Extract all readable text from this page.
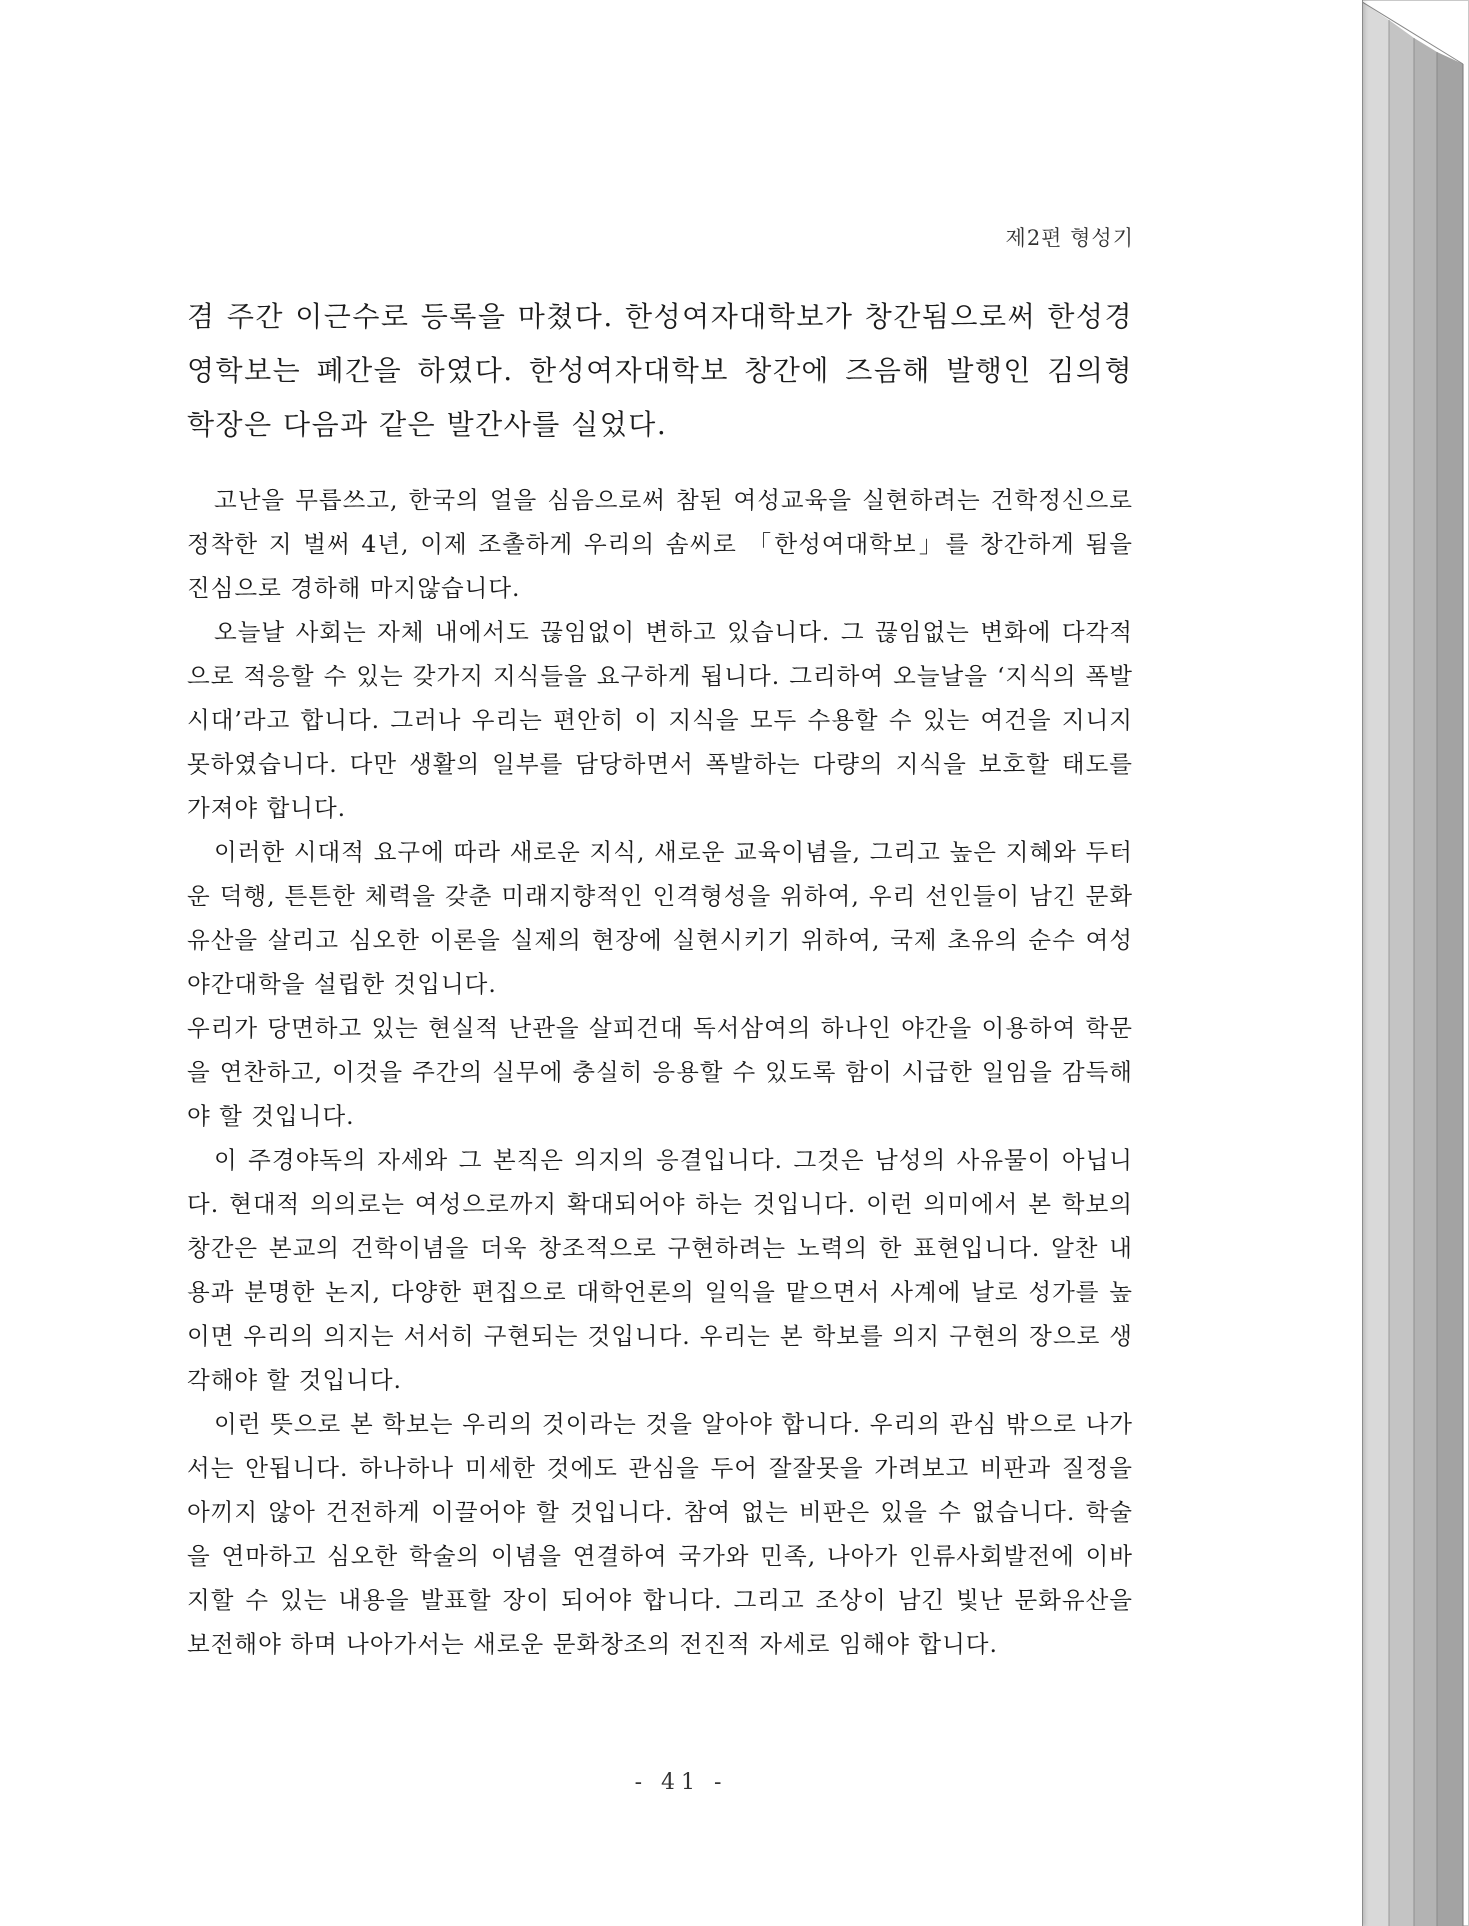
제2편 형성기

겸 주간 이근수로 등록을 마쳤다. 한성여자대학보가 창간됨으로써 한성경영학보는 폐간을 하였다. 한성여자대학보 창간에 즈음해 발행인 김의형 학장은 다음과 같은 발간사를 실었다.

고난을 무릅쓰고, 한국의 얼을 심음으로써 참된 여성교육을 실현하려는 건학정신으로 정착한 지 벌써 4년, 이제 조촐하게 우리의 솜씨로 「한성여대학보」를 창간하게 됨을 진심으로 경하해 마지않습니다.

오늘날 사회는 자체 내에서도 끊임없이 변하고 있습니다. 그 끊임없는 변화에 다각적으로 적응할 수 있는 갖가지 지식들을 요구하게 됩니다. 그리하여 오늘날을 ‘지식의 폭발시대’라고 합니다. 그러나 우리는 편안히 이 지식을 모두 수용할 수 있는 여건을 지니지 못하였습니다. 다만 생활의 일부를 담당하면서 폭발하는 다량의 지식을 보호할 태도를 가져야 합니다.

이러한 시대적 요구에 따라 새로운 지식, 새로운 교육이념을, 그리고 높은 지혜와 두터운 덕행, 튼튼한 체력을 갖춘 미래지향적인 인격형성을 위하여, 우리 선인들이 남긴 문화유산을 살리고 심오한 이론을 실제의 현장에 실현시키기 위하여, 국제 초유의 순수 여성야간대학을 설립한 것입니다.

우리가 당면하고 있는 현실적 난관을 살피건대 독서삼여의 하나인 야간을 이용하여 학문을 연찬하고, 이것을 주간의 실무에 충실히 응용할 수 있도록 함이 시급한 일임을 감득해야 할 것입니다.

이 주경야독의 자세와 그 본직은 의지의 응결입니다. 그것은 남성의 사유물이 아닙니다. 현대적 의의로는 여성으로까지 확대되어야 하는 것입니다. 이런 의미에서 본 학보의 창간은 본교의 건학이념을 더욱 창조적으로 구현하려는 노력의 한 표현입니다. 알찬 내용과 분명한 논지, 다양한 편집으로 대학언론의 일익을 맡으면서 사계에 날로 성가를 높이면 우리의 의지는 서서히 구현되는 것입니다. 우리는 본 학보를 의지 구현의 장으로 생각해야 할 것입니다.

이런 뜻으로 본 학보는 우리의 것이라는 것을 알아야 합니다. 우리의 관심 밖으로 나가서는 안됩니다. 하나하나 미세한 것에도 관심을 두어 잘잘못을 가려보고 비판과 질정을 아끼지 않아 건전하게 이끌어야 할 것입니다. 참여 없는 비판은 있을 수 없습니다. 학술을 연마하고 심오한 학술의 이념을 연결하여 국가와 민족, 나아가 인류사회발전에 이바지할 수 있는 내용을 발표할 장이 되어야 합니다. 그리고 조상이 남긴 빛난 문화유산을 보전해야 하며 나아가서는 새로운 문화창조의 전진적 자세로 임해야 합니다.

- 41 -
